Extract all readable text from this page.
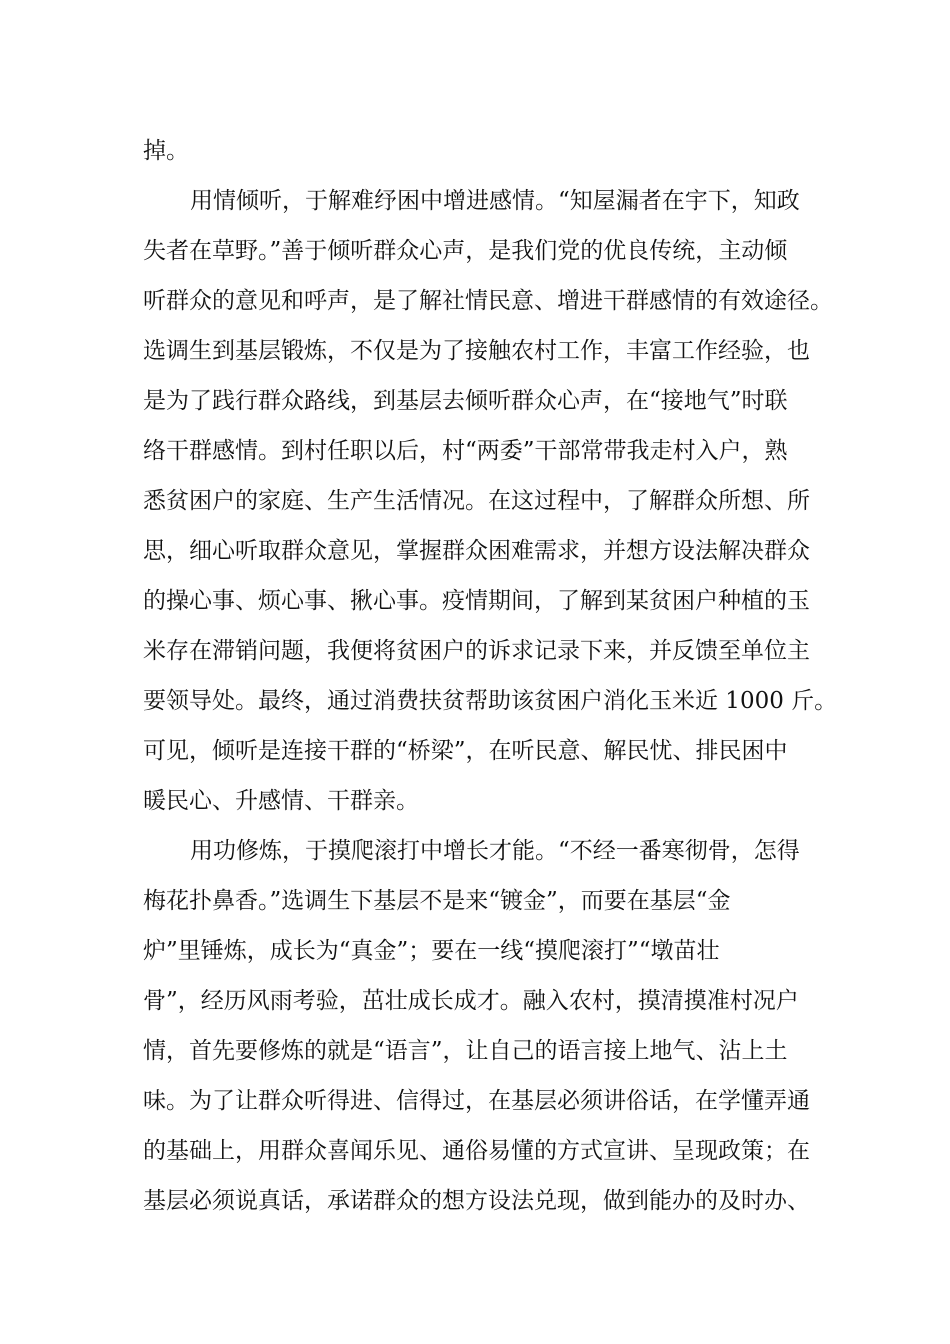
掉。
用情倾听，于解难纾困中增进感情。“知屋漏者在宇下，知政
失者在草野。”善于倾听群众心声，是我们党的优良传统，主动倾
听群众的意见和呼声，是了解社情民意、增进干群感情的有效途径。
选调生到基层锻炼，不仅是为了接触农村工作，丰富工作经验，也
是为了践行群众路线，到基层去倾听群众心声，在“接地气”时联
络干群感情。到村任职以后，村“两委”干部常带我走村入户，熟
悉贫困户的家庭、生产生活情况。在这过程中，了解群众所想、所
思，细心听取群众意见，掌握群众困难需求，并想方设法解决群众
的操心事、烦心事、揪心事。疫情期间，了解到某贫困户种植的玉
米存在滞销问题，我便将贫困户的诉求记录下来，并反馈至单位主
要领导处。最终，通过消费扶贫帮助该贫困户消化玉米近 1000 斤。
可见，倾听是连接干群的“桥梁”，在听民意、解民忧、排民困中
暖民心、升感情、干群亲。
用功修炼，于摸爬滚打中增长才能。“不经一番寒彻骨，怎得
梅花扑鼻香。”选调生下基层不是来“镀金”，而要在基层“金
炉”里锤炼，成长为“真金”；要在一线“摸爬滚打”“墩苗壮
骨”，经历风雨考验，茁壮成长成才。融入农村，摸清摸准村况户
情，首先要修炼的就是“语言”，让自己的语言接上地气、沾上土
味。为了让群众听得进、信得过，在基层必须讲俗话，在学懂弄通
的基础上，用群众喜闻乐见、通俗易懂的方式宣讲、呈现政策；在
基层必须说真话，承诺群众的想方设法兑现，做到能办的及时办、
